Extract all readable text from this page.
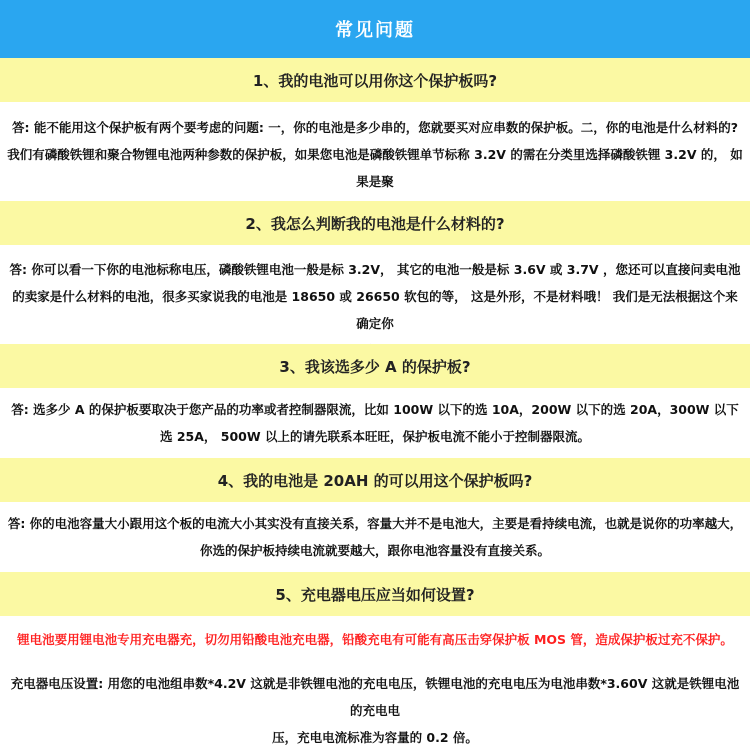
常见问题
1、我的电池可以用你这个保护板吗?

答: 能不能用这个保护板有两个要考虑的问题: 一，你的电池是多少串的，您就要买对应串数的保护板。二，你的电池是什么材料的?

我们有磷酸铁锂和聚合物锂电池两种参数的保护板，如果您电池是磷酸铁锂单节标称 3.2V 的需在分类里选择磷酸铁锂 3.2V 的， 如果是聚

2、我怎么判断我的电池是什么材料的?

答: 你可以看一下你的电池标称电压，磷酸铁锂电池一般是标 3.2V， 其它的电池一般是标 3.6V 或 3.7V ，您还可以直接问卖电池

的卖家是什么材料的电池，很多买家说我的电池是 18650 或 26650 软包的等， 这是外形，不是材料哦！ 我们是无法根据这个来确定你

3、我该选多少 A 的保护板?

答: 选多少 A 的保护板要取决于您产品的功率或者控制器限流，比如 100W 以下的选 10A，200W 以下的选 20A，300W 以下

选 25A， 500W 以上的请先联系本旺旺，保护板电流不能小于控制器限流。

4、我的电池是 20AH 的可以用这个保护板吗?

答: 你的电池容量大小跟用这个板的电流大小其实没有直接关系，容量大并不是电池大，主要是看持续电流，也就是说你的功率越大，

你选的保护板持续电流就要越大，跟你电池容量没有直接关系。

5、充电器电压应当如何设置?

锂电池要用锂电池专用充电器充，切勿用铅酸电池充电器，铅酸充电有可能有高压击穿保护板 MOS 管，造成保护板过充不保护。

充电器电压设置: 用您的电池组串数*4.2V 这就是非铁锂电池的充电电压，铁锂电池的充电电压为电池串数*3.60V 这就是铁锂电池的充电电

压，充电电流标准为容量的 0.2 倍。
